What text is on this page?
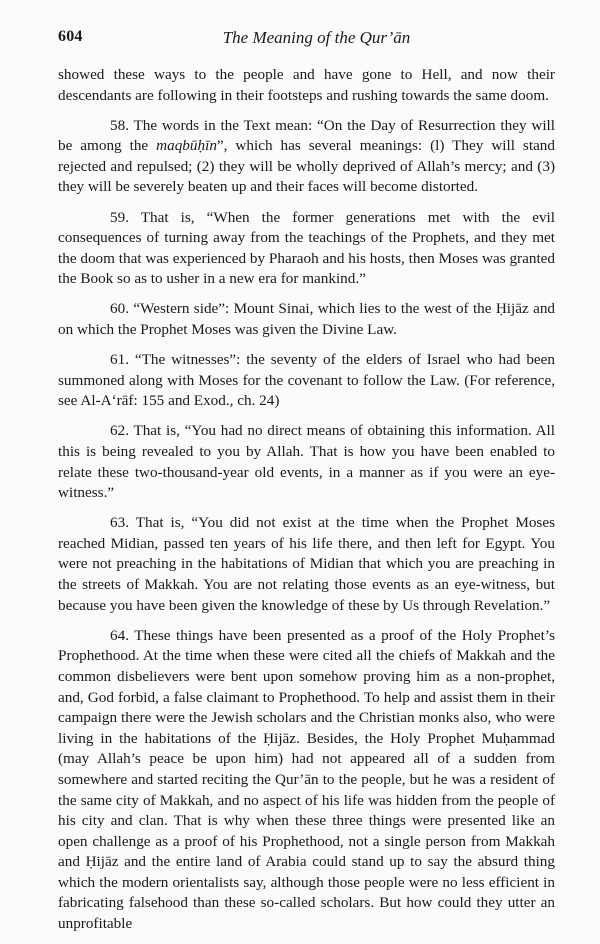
604	The Meaning of the Qur’ān

showed these ways to the people and have gone to Hell, and now their descendants are following in their footsteps and rushing towards the same doom.

58. The words in the Text mean: “On the Day of Resurrection they will be among the maqbūḥīn”, which has several meanings: (l) They will stand rejected and repulsed; (2) they will be wholly deprived of Allah’s mercy; and (3) they will be severely beaten up and their faces will become distorted.

59. That is, “When the former generations met with the evil consequences of turning away from the teachings of the Prophets, and they met the doom that was experienced by Pharaoh and his hosts, then Moses was granted the Book so as to usher in a new era for mankind.”

60. “Western side”: Mount Sinai, which lies to the west of the Ḥijāz and on which the Prophet Moses was given the Divine Law.

61. “The witnesses”: the seventy of the elders of Israel who had been summoned along with Moses for the covenant to follow the Law. (For reference, see Al-A‘rāf: 155 and Exod., ch. 24)

62. That is, “You had no direct means of obtaining this information. All this is being revealed to you by Allah. That is how you have been enabled to relate these two-thousand-year old events, in a manner as if you were an eye-witness.”

63. That is, “You did not exist at the time when the Prophet Moses reached Midian, passed ten years of his life there, and then left for Egypt. You were not preaching in the habitations of Midian that which you are preaching in the streets of Makkah. You are not relating those events as an eye-witness, but because you have been given the knowledge of these by Us through Revelation.”

64. These things have been presented as a proof of the Holy Prophet’s Prophethood. At the time when these were cited all the chiefs of Makkah and the common disbelievers were bent upon somehow proving him as a non-prophet, and, God forbid, a false claimant to Prophethood. To help and assist them in their campaign there were the Jewish scholars and the Christian monks also, who were living in the habitations of the Ḥijāz. Besides, the Holy Prophet Muḥammad (may Allah’s peace be upon him) had not appeared all of a sudden from somewhere and started reciting the Qur’ān to the people, but he was a resident of the same city of Makkah, and no aspect of his life was hidden from the people of his city and clan. That is why when these three things were presented like an open challenge as a proof of his Prophethood, not a single person from Makkah and Ḥijāz and the entire land of Arabia could stand up to say the absurd thing which the modern orientalists say, although those people were no less efficient in fabricating falsehood than these so-called scholars. But how could they utter an unprofitable
